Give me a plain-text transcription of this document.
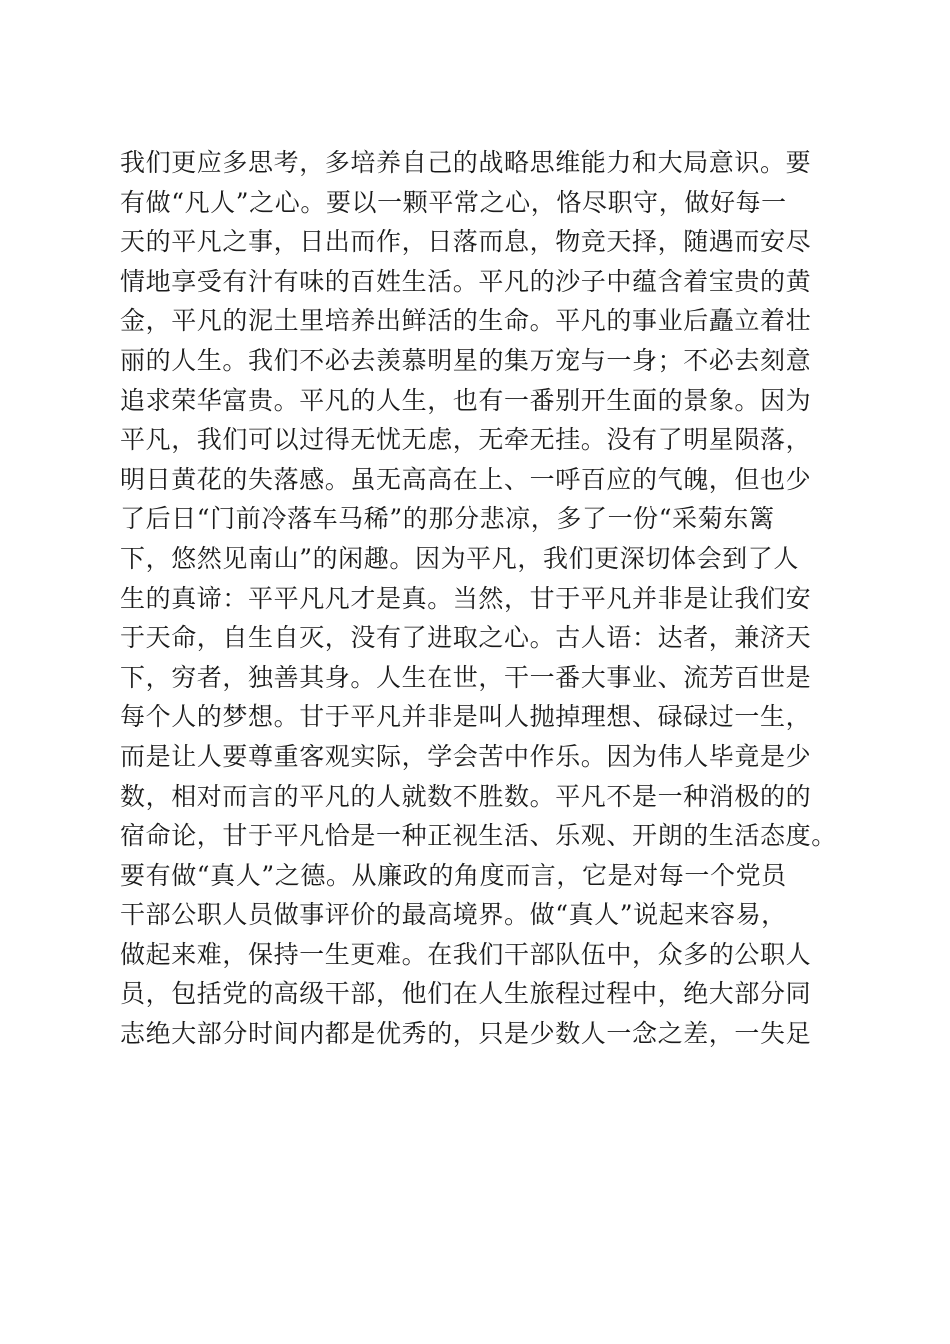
我们更应多思考，多培养自己的战略思维能力和大局意识。要
有做“凡人”之心。要以一颗平常之心，恪尽职守，做好每一
天的平凡之事，日出而作，日落而息，物竞天择，随遇而安尽
情地享受有汁有味的百姓生活。平凡的沙子中蕴含着宝贵的黄
金，平凡的泥土里培养出鲜活的生命。平凡的事业后矗立着壮
丽的人生。我们不必去羡慕明星的集万宠与一身；不必去刻意
追求荣华富贵。平凡的人生，也有一番别开生面的景象。因为
平凡，我们可以过得无忧无虑，无牵无挂。没有了明星陨落，
明日黄花的失落感。虽无高高在上、一呼百应的气魄，但也少
了后日“门前冷落车马稀”的那分悲凉，多了一份“采菊东篱
下，悠然见南山”的闲趣。因为平凡，我们更深切体会到了人
生的真谛：平平凡凡才是真。当然，甘于平凡并非是让我们安
于天命，自生自灭，没有了进取之心。古人语：达者，兼济天
下，穷者，独善其身。人生在世，干一番大事业、流芳百世是
每个人的梦想。甘于平凡并非是叫人抛掉理想、碌碌过一生，
而是让人要尊重客观实际，学会苦中作乐。因为伟人毕竟是少
数，相对而言的平凡的人就数不胜数。平凡不是一种消极的的
宿命论，甘于平凡恰是一种正视生活、乐观、开朗的生活态度。
要有做“真人”之德。从廉政的角度而言，它是对每一个党员
干部公职人员做事评价的最高境界。做“真人”说起来容易，
做起来难，保持一生更难。在我们干部队伍中，众多的公职人
员，包括党的高级干部，他们在人生旅程过程中，绝大部分同
志绝大部分时间内都是优秀的，只是少数人一念之差，一失足
